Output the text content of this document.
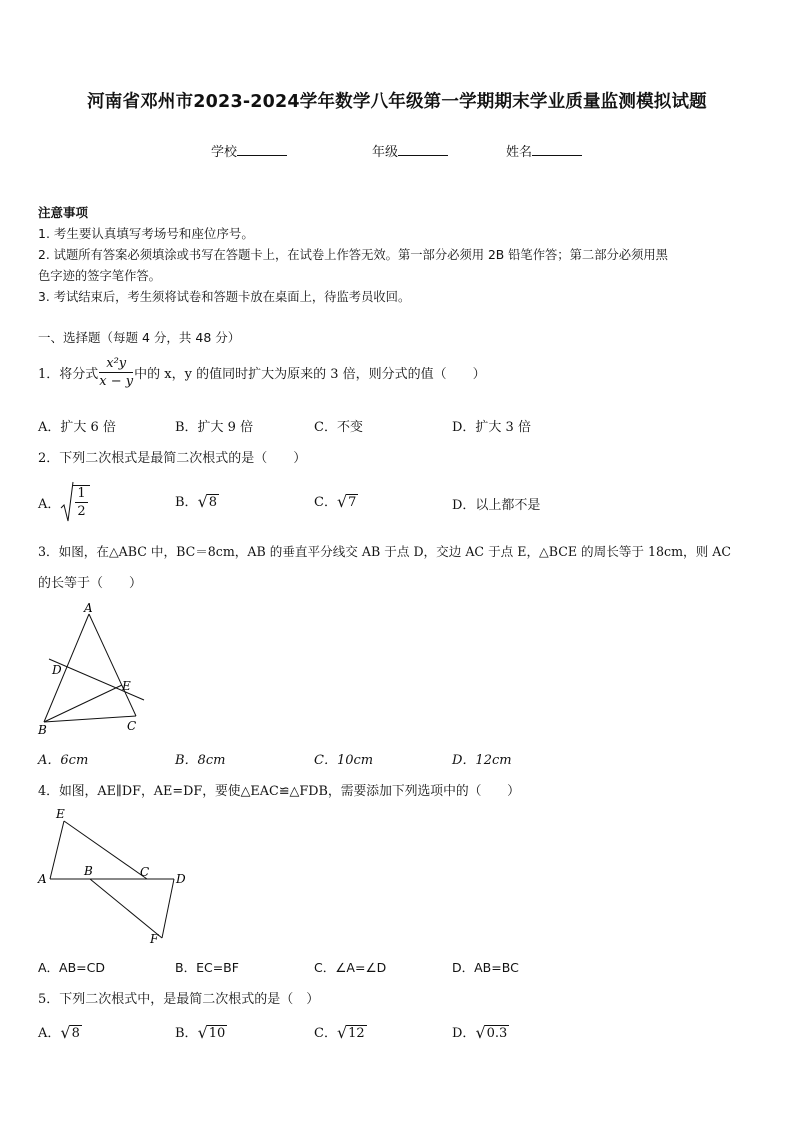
河南省邓州市2023-2024学年数学八年级第一学期期末学业质量监测模拟试题
学校	年级	姓名
注意事项
1. 考生要认真填写考场号和座位序号。
2. 试题所有答案必须填涂或书写在答题卡上，在试卷上作答无效。第一部分必须用 2B 铅笔作答；第二部分必须用黑
色字迹的签字笔作答。
3. 考试结束后，考生须将试卷和答题卡放在桌面上，待监考员收回。
一、选择题（每题 4 分，共 48 分）
1．将分式 $\frac{\text{x²y}}{x - y}$ 中的 x，y 的值同时扩大为原来的 3 倍，则分式的值（　　）
A．扩大 6 倍	B．扩大 9 倍	C．不变	D．扩大 3 倍
2．下列二次根式是最简二次根式的是（　　）
A． $\frac{1}{2}$	B． √ 8	C． √ 7	D．以上都不是
3．如图，在△ABC 中，BC＝8cm，AB 的垂直平分线交 AB 于点 D，交边 AC 于点 E，△BCE 的周长等于 18cm，则 AC
的长等于（　　）
A
D
E
B	C
A．6cm	B．8cm	C．10cm	D．12cm
4．如图，AE∥DF，AE=DF，要使△EAC≌△FDB，需要添加下列选项中的（　　）
E
A
B	C D
F
A．AB=CD	B．EC=BF	C．∠A=∠D	D．AB=BC
5．下列二次根式中，是最简二次根式的是（　）
A． √ 8	B． √ 10	C． √ 12	D． √ 0.3
